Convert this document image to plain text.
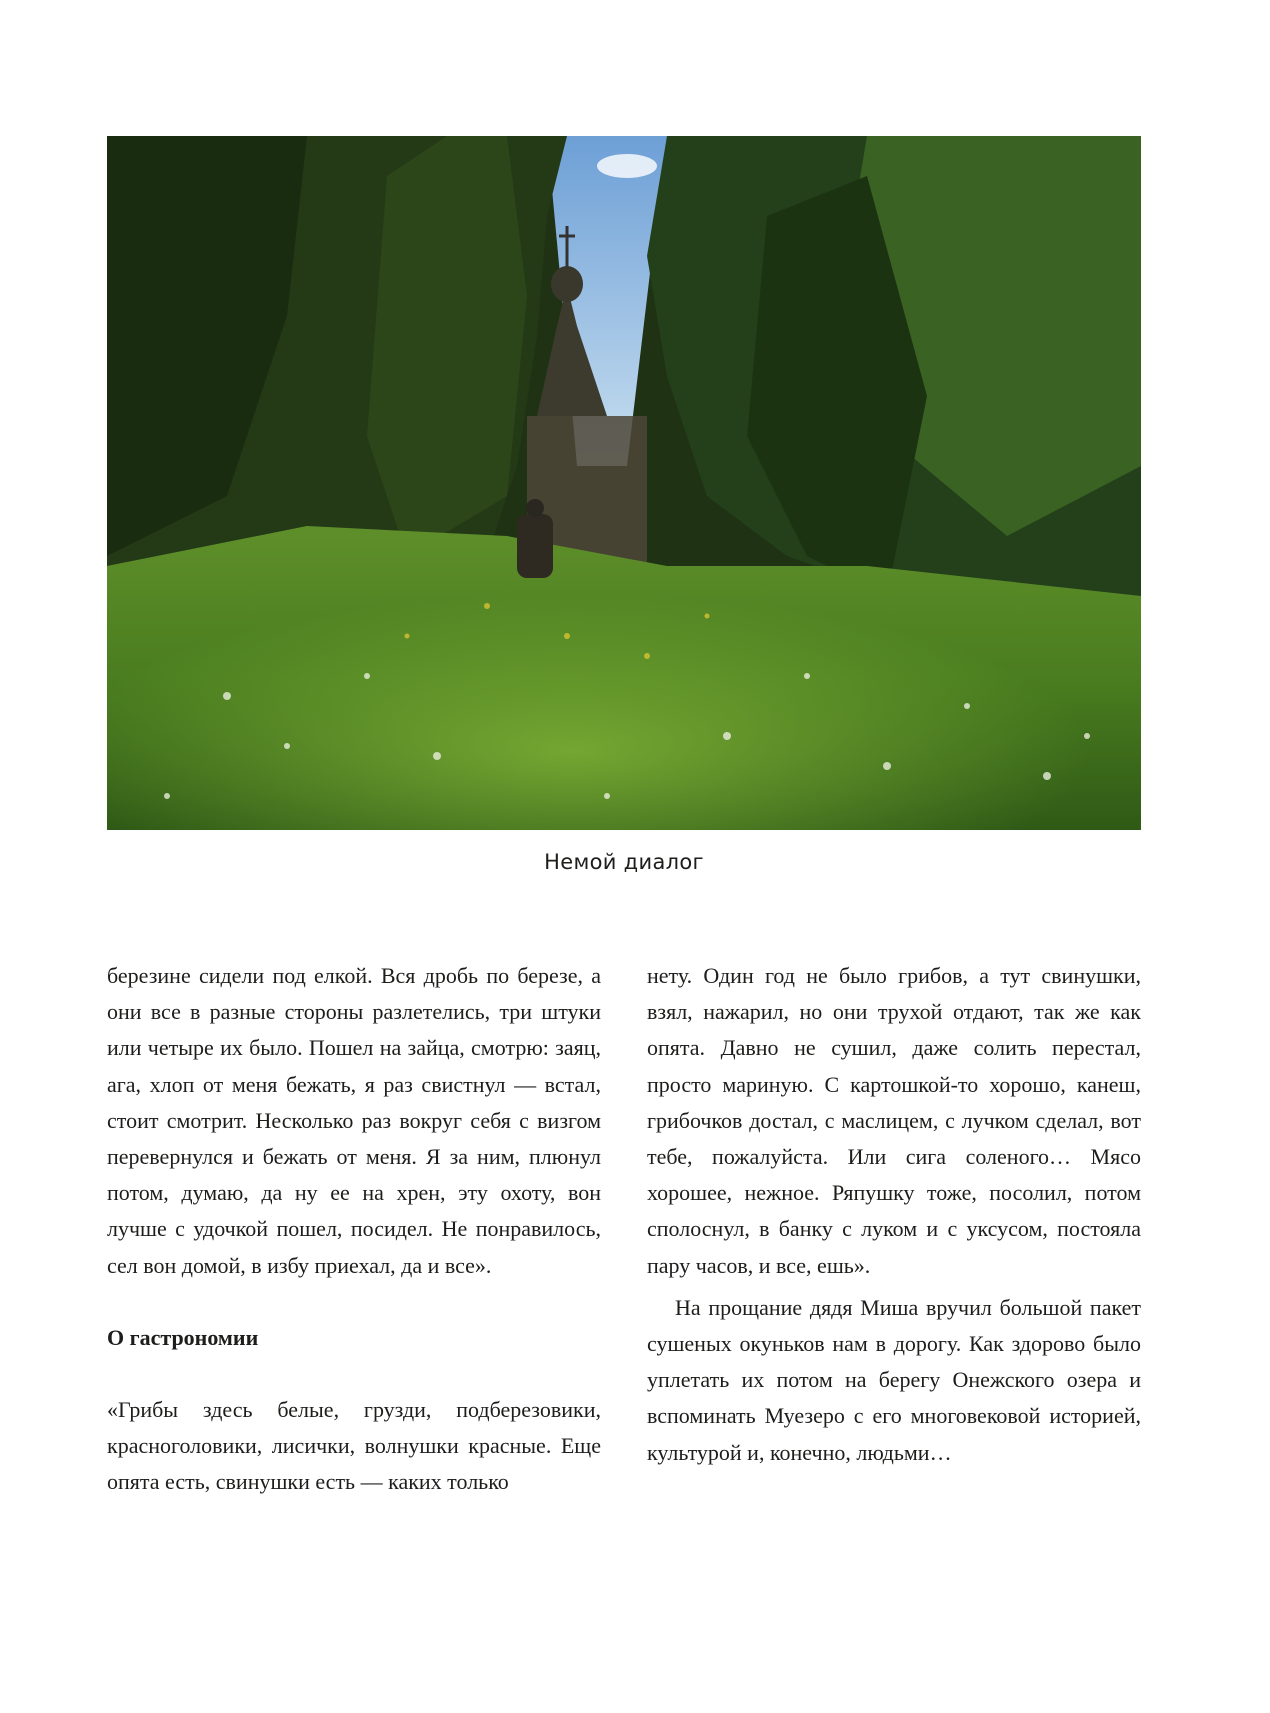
Немой диалог

березине сидели под елкой. Вся дробь по березе, а они все в разные стороны разлетелись, три штуки или четыре их было. Пошел на зайца, смотрю: заяц, ага, хлоп от меня бежать, я раз свистнул — встал, стоит смотрит. Несколько раз вокруг себя с визгом перевернулся и бежать от меня. Я за ним, плюнул потом, думаю, да ну ее на хрен, эту охоту, вон лучше с удочкой пошел, посидел. Не понравилось, сел вон домой, в избу приехал, да и все».

О гастрономии

«Грибы здесь белые, грузди, подберезовики, красноголовики, лисички, волнушки красные. Еще опята есть, свинушки есть — каких только

нету. Один год не было грибов, а тут свинушки, взял, нажарил, но они трухой отдают, так же как опята. Давно не сушил, даже солить перестал, просто мариную. С картошкой-то хорошо, канеш, грибочков достал, с маслицем, с лучком сделал, вот тебе, пожалуйста. Или сига соленого… Мясо хорошее, нежное. Ряпушку тоже, посолил, потом сполоснул, в банку с луком и с уксусом, постояла пару часов, и все, ешь».

На прощание дядя Миша вручил большой пакет сушеных окуньков нам в дорогу. Как здорово было уплетать их потом на берегу Онежского озера и вспоминать Муезеро с его многовековой историей, культурой и, конечно, людьми…
